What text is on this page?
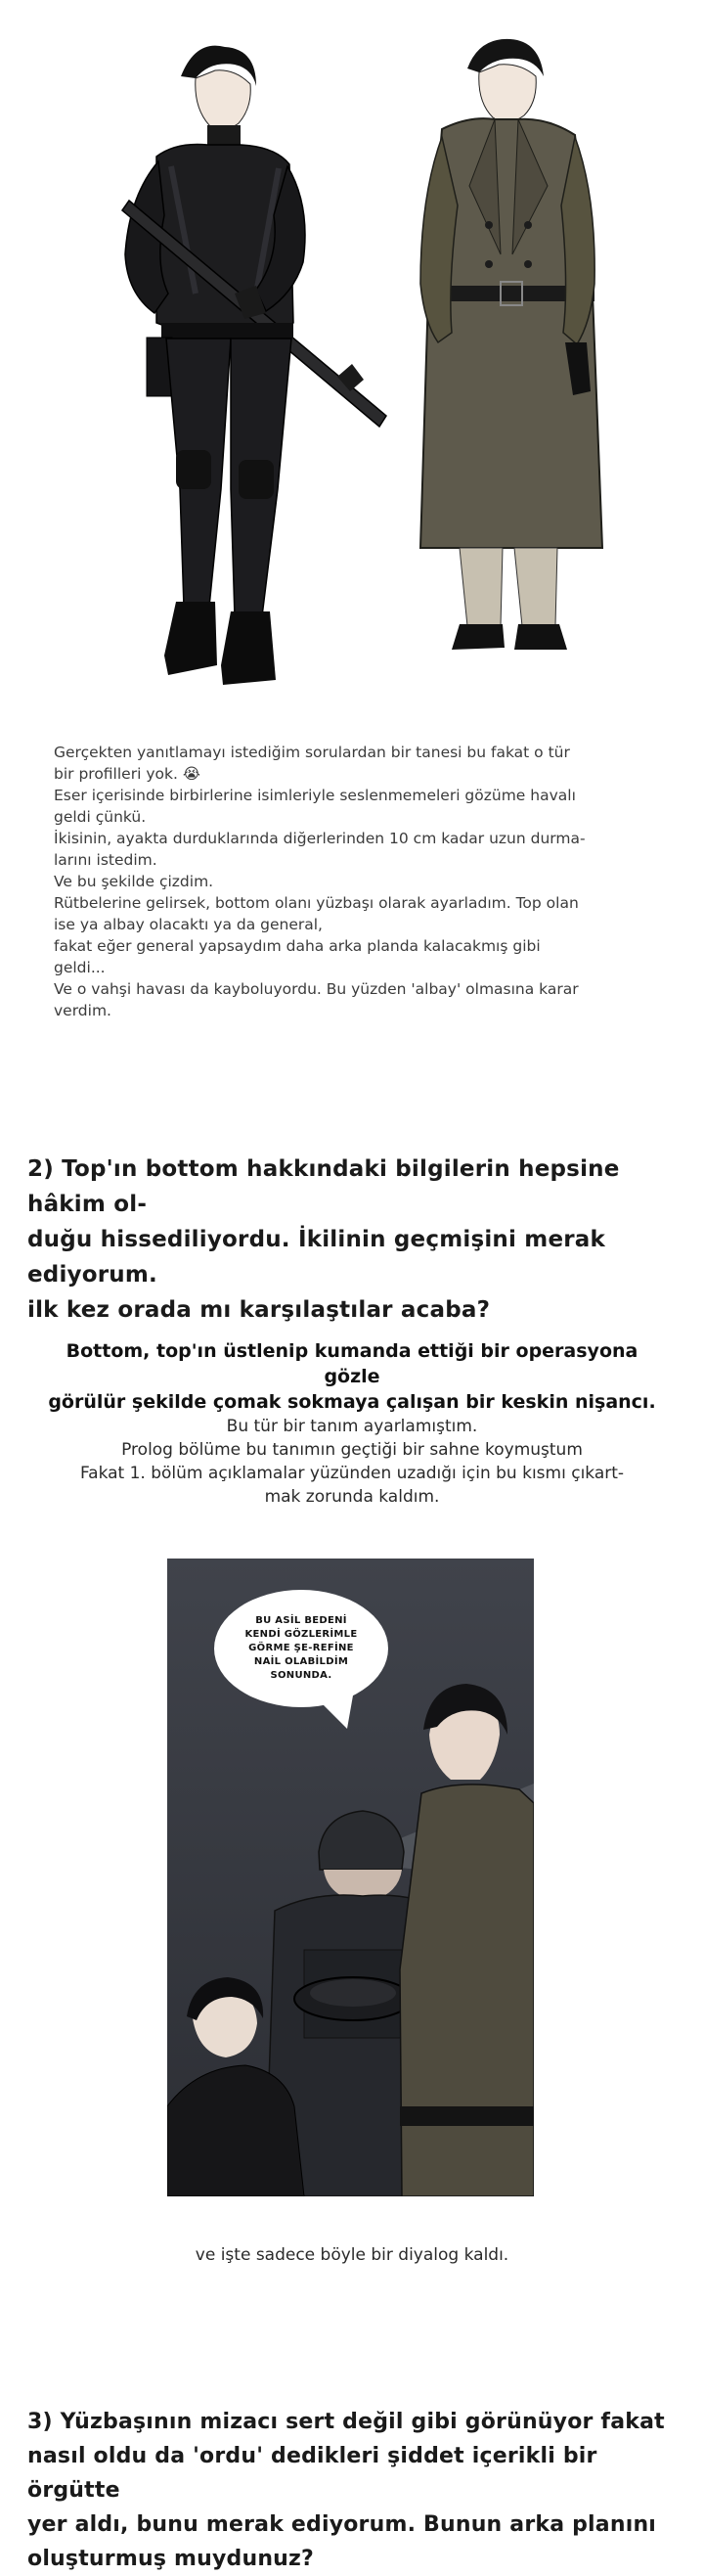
Gerçekten yanıtlamayı istediğim sorulardan bir tanesi bu fakat o tür

bir profilleri yok. 😭

Eser içerisinde birbirlerine isimleriyle seslenmemeleri gözüme havalı

geldi çünkü.

İkisinin, ayakta durduklarında diğerlerinden 10 cm kadar uzun durma-

larını istedim.

Ve bu şekilde çizdim.

Rütbelerine gelirsek, bottom olanı yüzbaşı olarak ayarladım. Top olan

ise ya albay olacaktı ya da general,

fakat eğer general yapsaydım daha arka planda kalacakmış gibi

geldi...

Ve o vahşi havası da kayboluyordu. Bu yüzden 'albay' olmasına karar

verdim.

2) Top'ın bottom hakkındaki bilgilerin hepsine hâkim ol-

duğu hissediliyordu. İkilinin geçmişini merak ediyorum.

ilk kez orada mı karşılaştılar acaba?

Bottom, top'ın üstlenip kumanda ettiği bir operasyona gözle

görülür şekilde çomak sokmaya çalışan bir keskin nişancı.

Bu tür bir tanım ayarlamıştım.

Prolog bölüme bu tanımın geçtiği bir sahne koymuştum

Fakat 1. bölüm açıklamalar yüzünden uzadığı için bu kısmı çıkart-

mak zorunda kaldım.

BU ASİL BEDENİ KENDİ GÖZLERİMLE GÖRME ŞE-REFİNE NAİL OLABİLDİM SONUNDA.
ve işte sadece böyle bir diyalog kaldı.

3) Yüzbaşının mizacı sert değil gibi görünüyor fakat

nasıl oldu da 'ordu' dedikleri şiddet içerikli bir örgütte

yer aldı, bunu merak ediyorum. Bunun arka planını

oluşturmuş muydunuz?
